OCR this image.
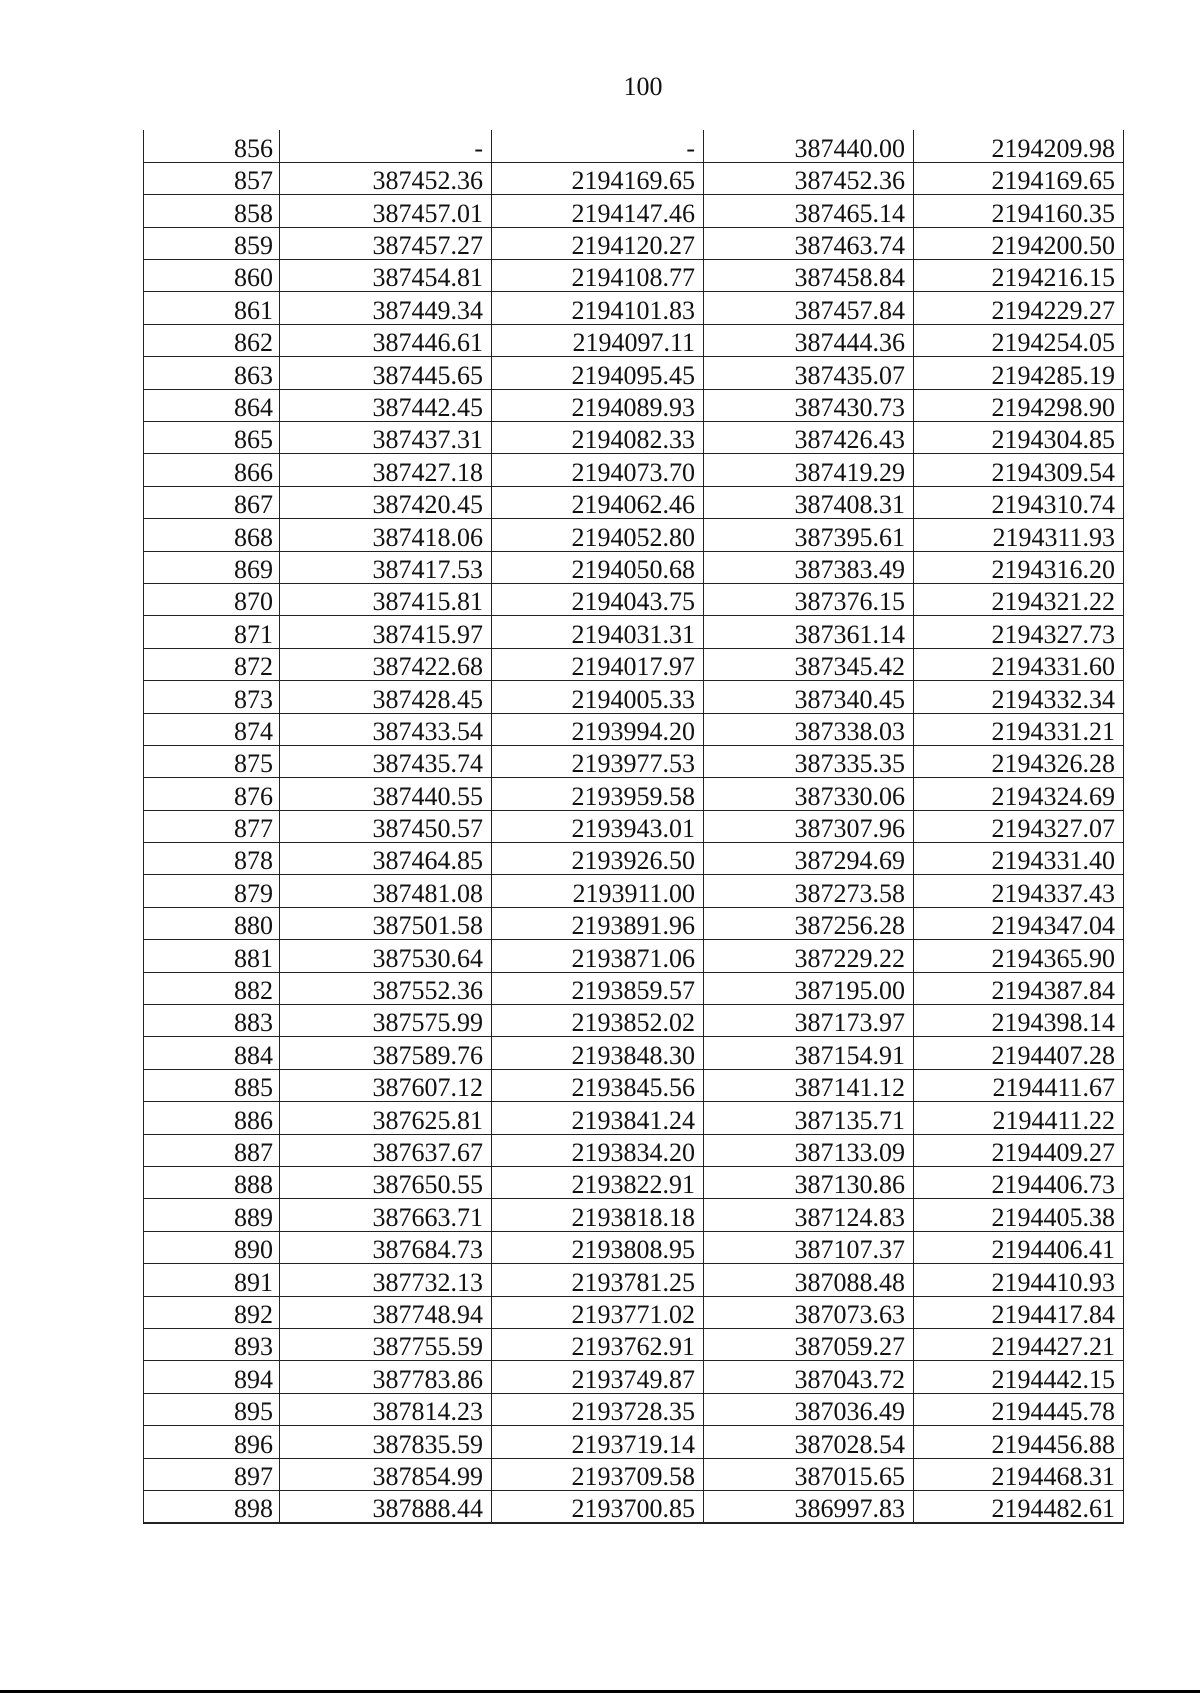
100
856	-	-	387440.00	2194209.98
857	387452.36	2194169.65	387452.36	2194169.65
858	387457.01	2194147.46	387465.14	2194160.35
859	387457.27	2194120.27	387463.74	2194200.50
860	387454.81	2194108.77	387458.84	2194216.15
861	387449.34	2194101.83	387457.84	2194229.27
862	387446.61	2194097.11	387444.36	2194254.05
863	387445.65	2194095.45	387435.07	2194285.19
864	387442.45	2194089.93	387430.73	2194298.90
865	387437.31	2194082.33	387426.43	2194304.85
866	387427.18	2194073.70	387419.29	2194309.54
867	387420.45	2194062.46	387408.31	2194310.74
868	387418.06	2194052.80	387395.61	2194311.93
869	387417.53	2194050.68	387383.49	2194316.20
870	387415.81	2194043.75	387376.15	2194321.22
871	387415.97	2194031.31	387361.14	2194327.73
872	387422.68	2194017.97	387345.42	2194331.60
873	387428.45	2194005.33	387340.45	2194332.34
874	387433.54	2193994.20	387338.03	2194331.21
875	387435.74	2193977.53	387335.35	2194326.28
876	387440.55	2193959.58	387330.06	2194324.69
877	387450.57	2193943.01	387307.96	2194327.07
878	387464.85	2193926.50	387294.69	2194331.40
879	387481.08	2193911.00	387273.58	2194337.43
880	387501.58	2193891.96	387256.28	2194347.04
881	387530.64	2193871.06	387229.22	2194365.90
882	387552.36	2193859.57	387195.00	2194387.84
883	387575.99	2193852.02	387173.97	2194398.14
884	387589.76	2193848.30	387154.91	2194407.28
885	387607.12	2193845.56	387141.12	2194411.67
886	387625.81	2193841.24	387135.71	2194411.22
887	387637.67	2193834.20	387133.09	2194409.27
888	387650.55	2193822.91	387130.86	2194406.73
889	387663.71	2193818.18	387124.83	2194405.38
890	387684.73	2193808.95	387107.37	2194406.41
891	387732.13	2193781.25	387088.48	2194410.93
892	387748.94	2193771.02	387073.63	2194417.84
893	387755.59	2193762.91	387059.27	2194427.21
894	387783.86	2193749.87	387043.72	2194442.15
895	387814.23	2193728.35	387036.49	2194445.78
896	387835.59	2193719.14	387028.54	2194456.88
897	387854.99	2193709.58	387015.65	2194468.31
898	387888.44	2193700.85	386997.83	2194482.61
